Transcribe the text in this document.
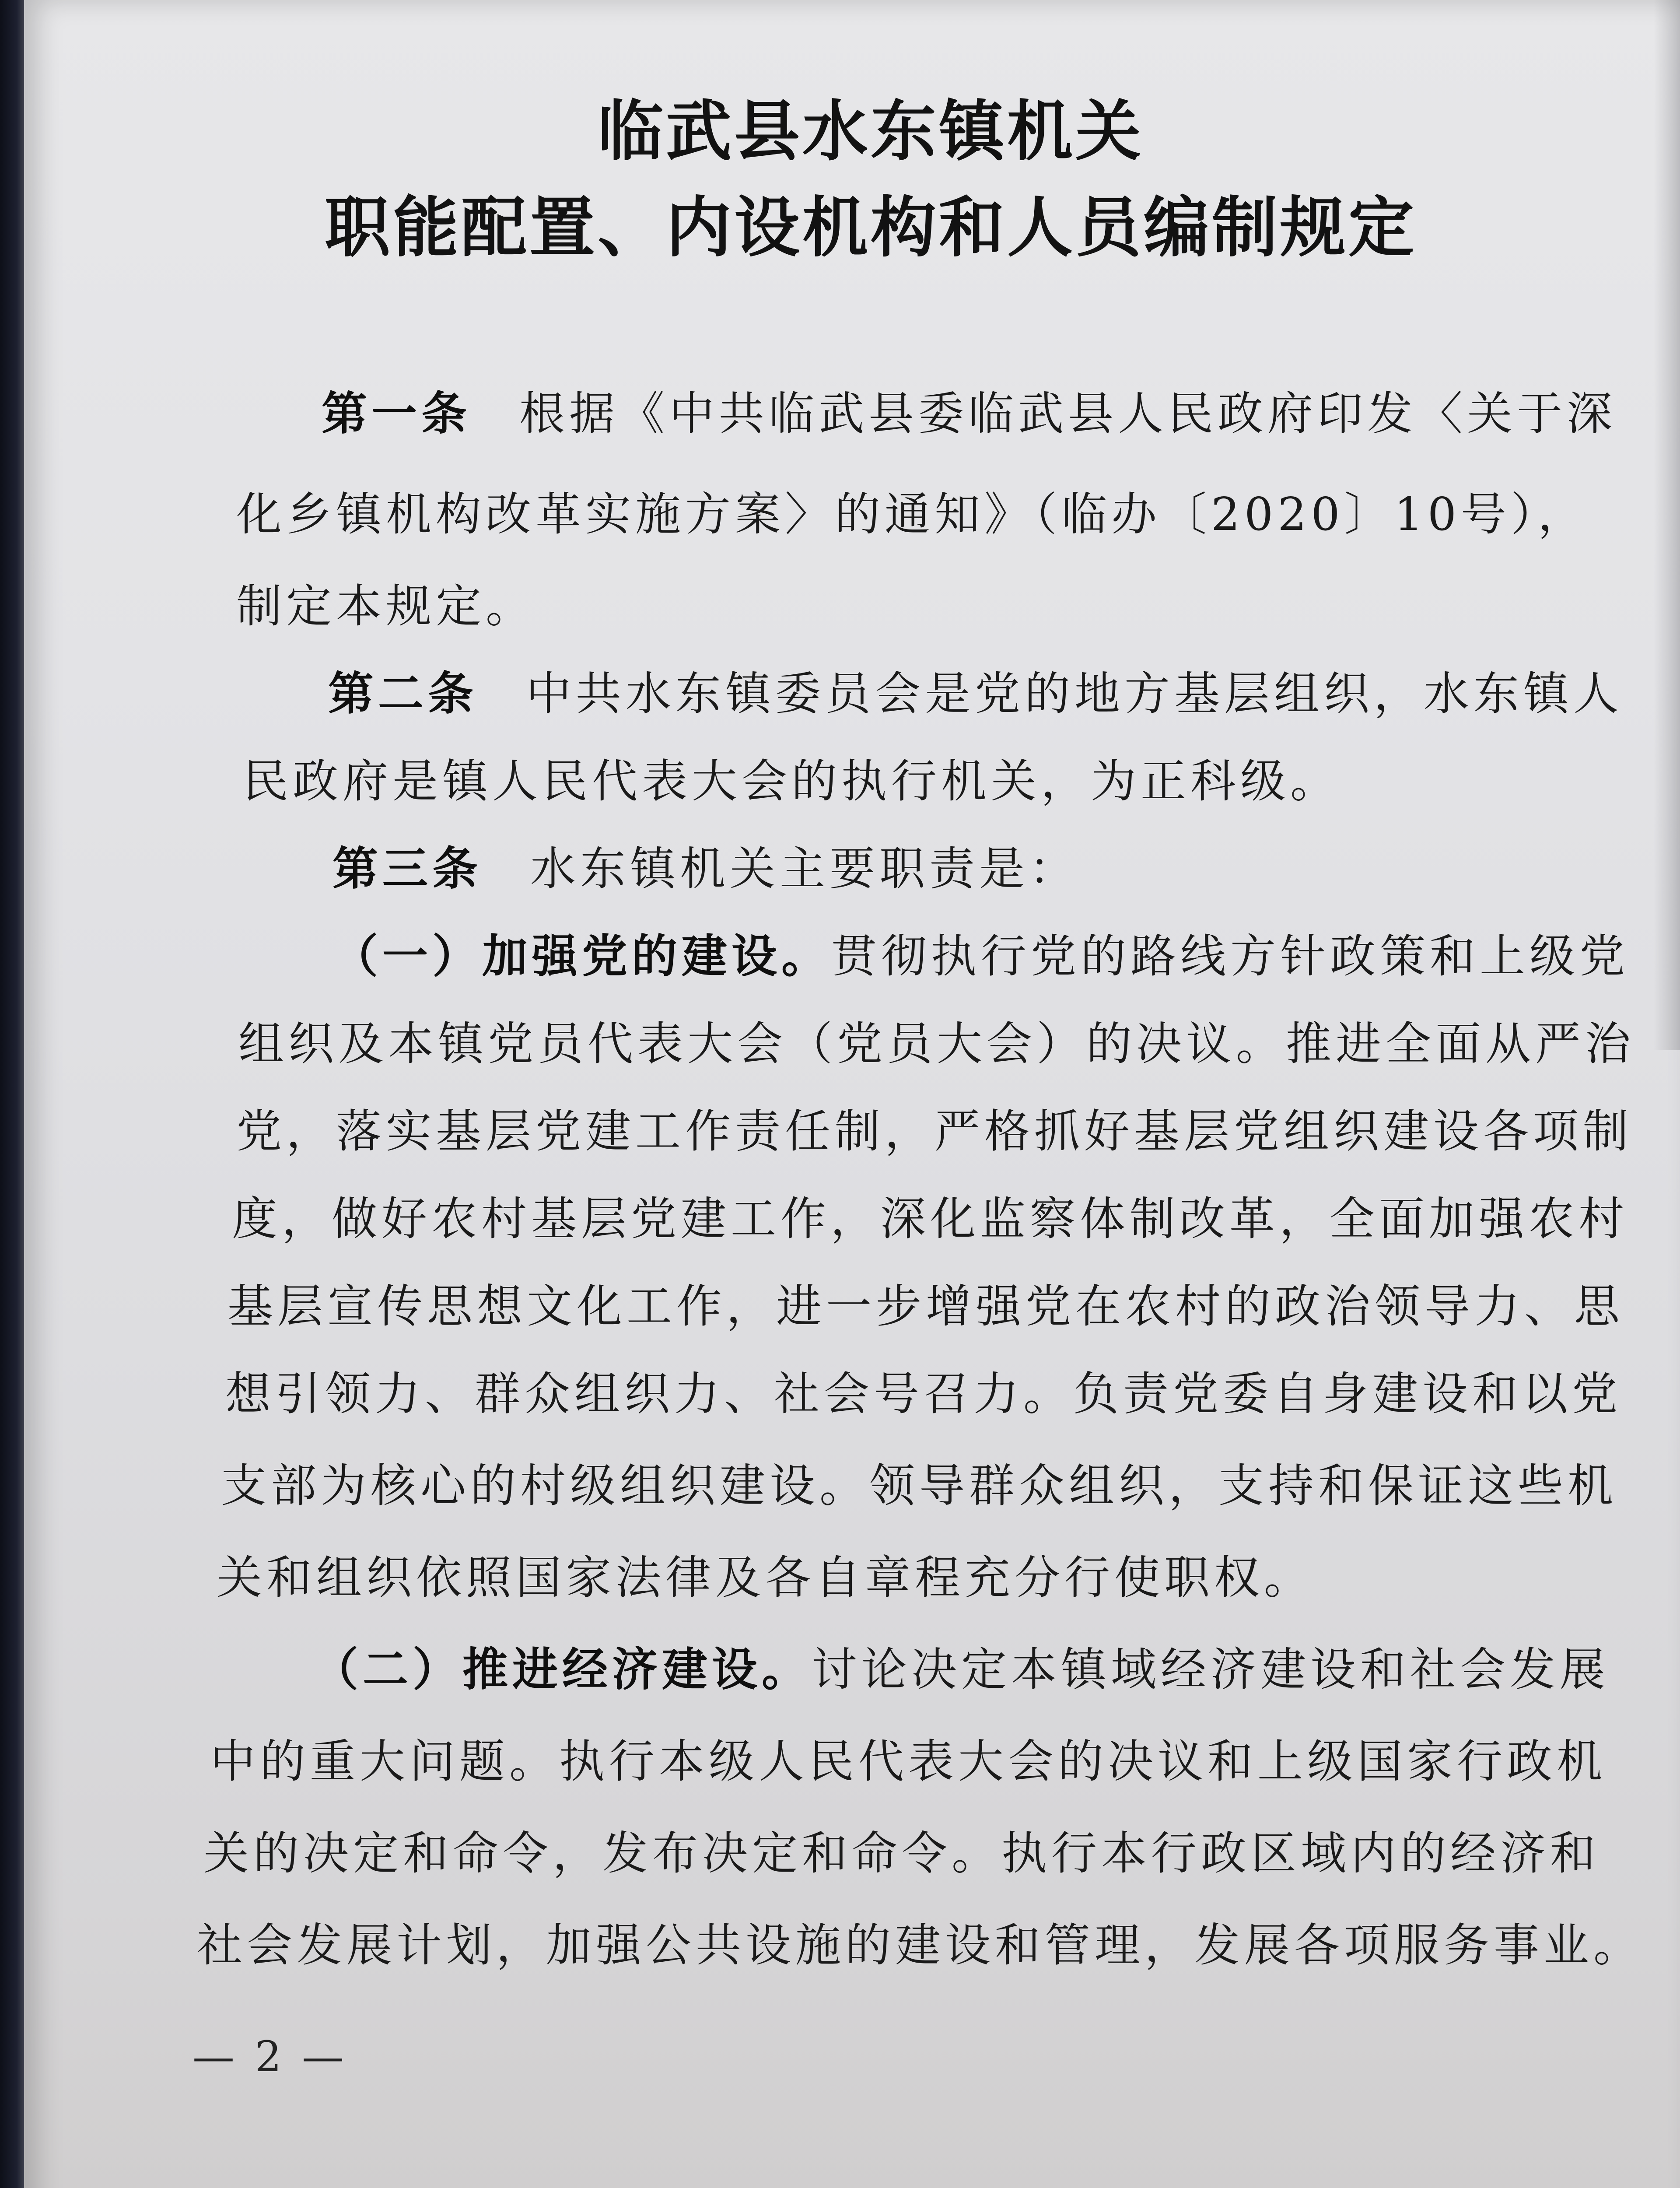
临武县水东镇机关
职能配置、内设机构和人员编制规定
第一条 根据《中共临武县委临武县人民政府印发〈关于深
化乡镇机构改革实施方案〉的通知》（临办〔2020〕10号），
制定本规定。
第二条 中共水东镇委员会是党的地方基层组织，水东镇人
民政府是镇人民代表大会的执行机关，为正科级。
第三条 水东镇机关主要职责是：
（一）加强党的建设。贯彻执行党的路线方针政策和上级党
组织及本镇党员代表大会（党员大会）的决议。推进全面从严治
党，落实基层党建工作责任制，严格抓好基层党组织建设各项制
度，做好农村基层党建工作，深化监察体制改革，全面加强农村
基层宣传思想文化工作，进一步增强党在农村的政治领导力、思
想引领力、群众组织力、社会号召力。负责党委自身建设和以党
支部为核心的村级组织建设。领导群众组织，支持和保证这些机
关和组织依照国家法律及各自章程充分行使职权。
（二）推进经济建设。讨论决定本镇域经济建设和社会发展
中的重大问题。执行本级人民代表大会的决议和上级国家行政机
关的决定和命令，发布决定和命令。执行本行政区域内的经济和
社会发展计划，加强公共设施的建设和管理，发展各项服务事业。
— 2 —
